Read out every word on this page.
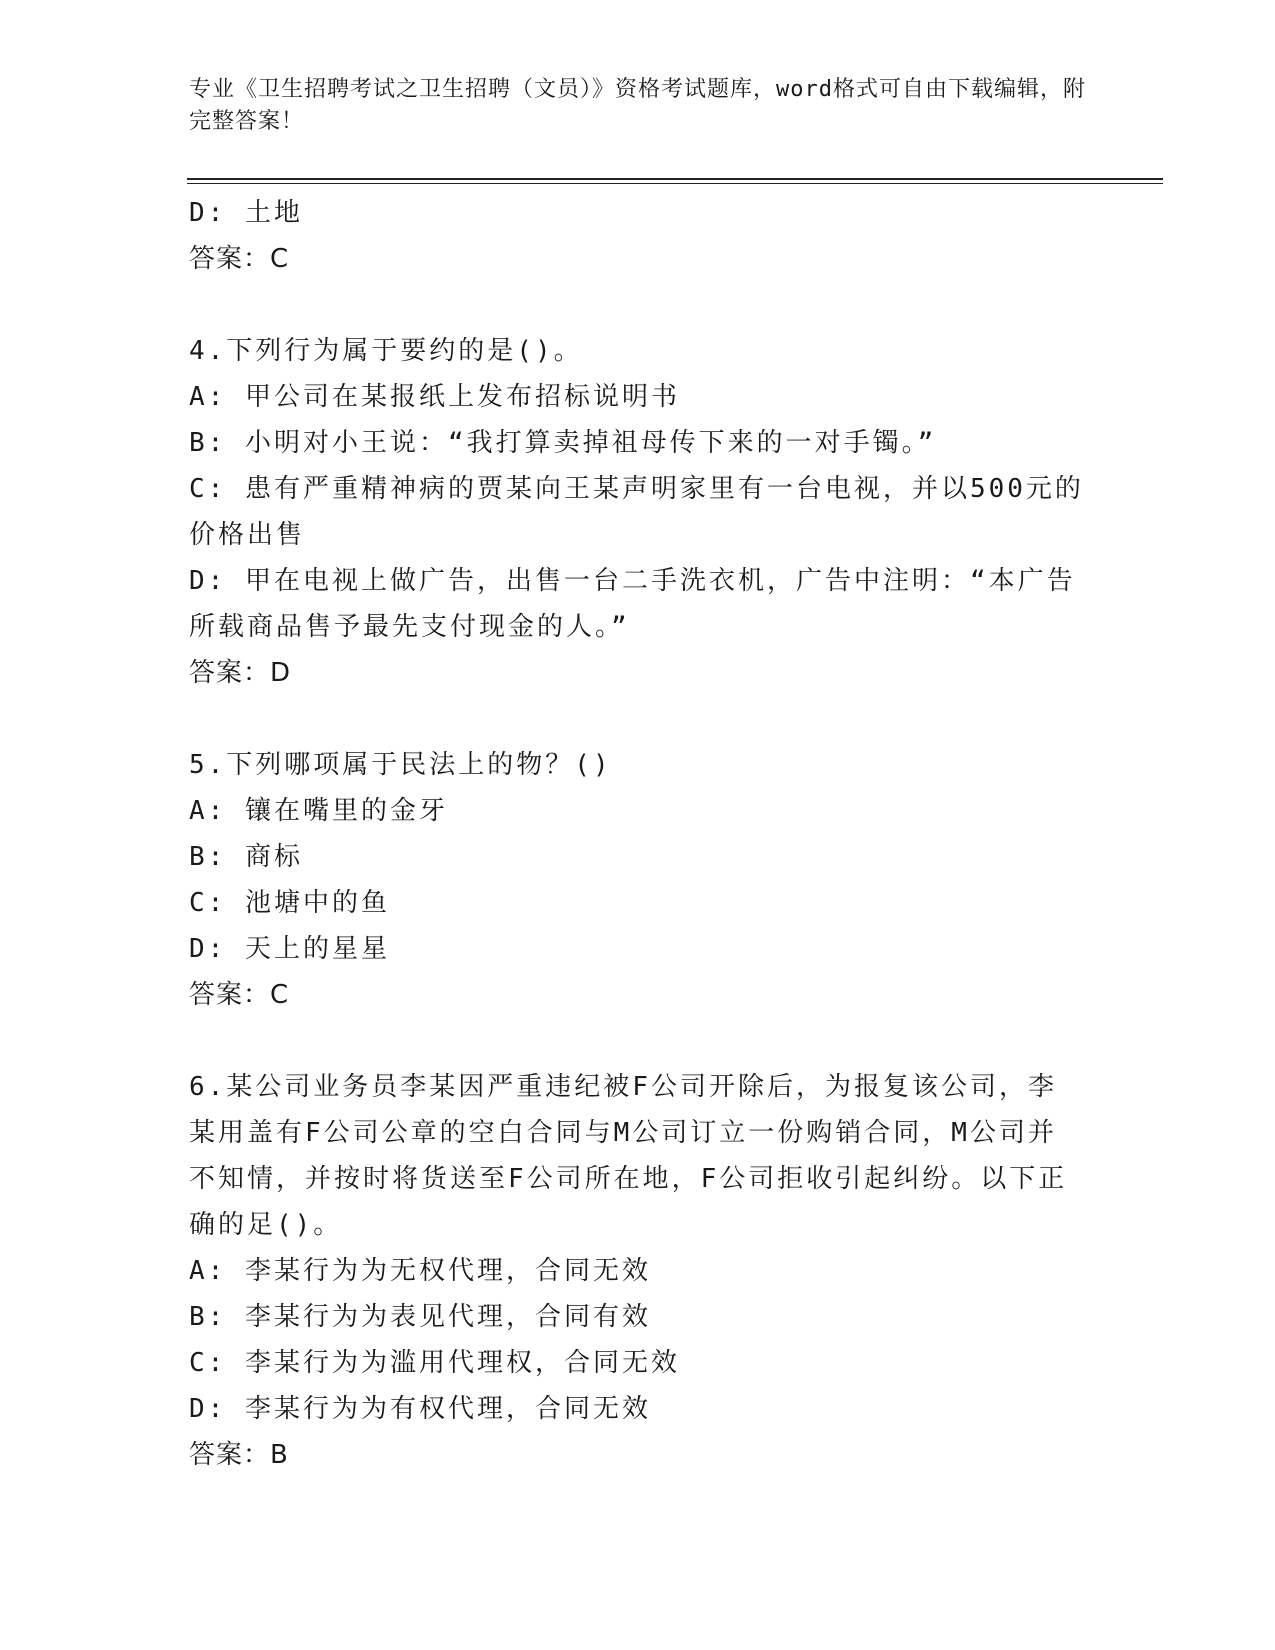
专业《卫生招聘考试之卫生招聘（文员）》资格考试题库，word格式可自由下载编辑，附完整答案！
D: 土地
答案：C
4.下列行为属于要约的是()。
A: 甲公司在某报纸上发布招标说明书
B: 小明对小王说：“我打算卖掉祖母传下来的一对手镯。”
C: 患有严重精神病的贾某向王某声明家里有一台电视，并以500元的
价格出售
D: 甲在电视上做广告，出售一台二手洗衣机，广告中注明：“本广告
所载商品售予最先支付现金的人。”
答案：D
5.下列哪项属于民法上的物？()
A: 镶在嘴里的金牙
B: 商标
C: 池塘中的鱼
D: 天上的星星
答案：C
6.某公司业务员李某因严重违纪被F公司开除后，为报复该公司，李
某用盖有F公司公章的空白合同与M公司订立一份购销合同，M公司并
不知情，并按时将货送至F公司所在地，F公司拒收引起纠纷。以下正
确的足()。
A: 李某行为为无权代理，合同无效
B: 李某行为为表见代理，合同有效
C: 李某行为为滥用代理权，合同无效
D: 李某行为为有权代理，合同无效
答案：B
